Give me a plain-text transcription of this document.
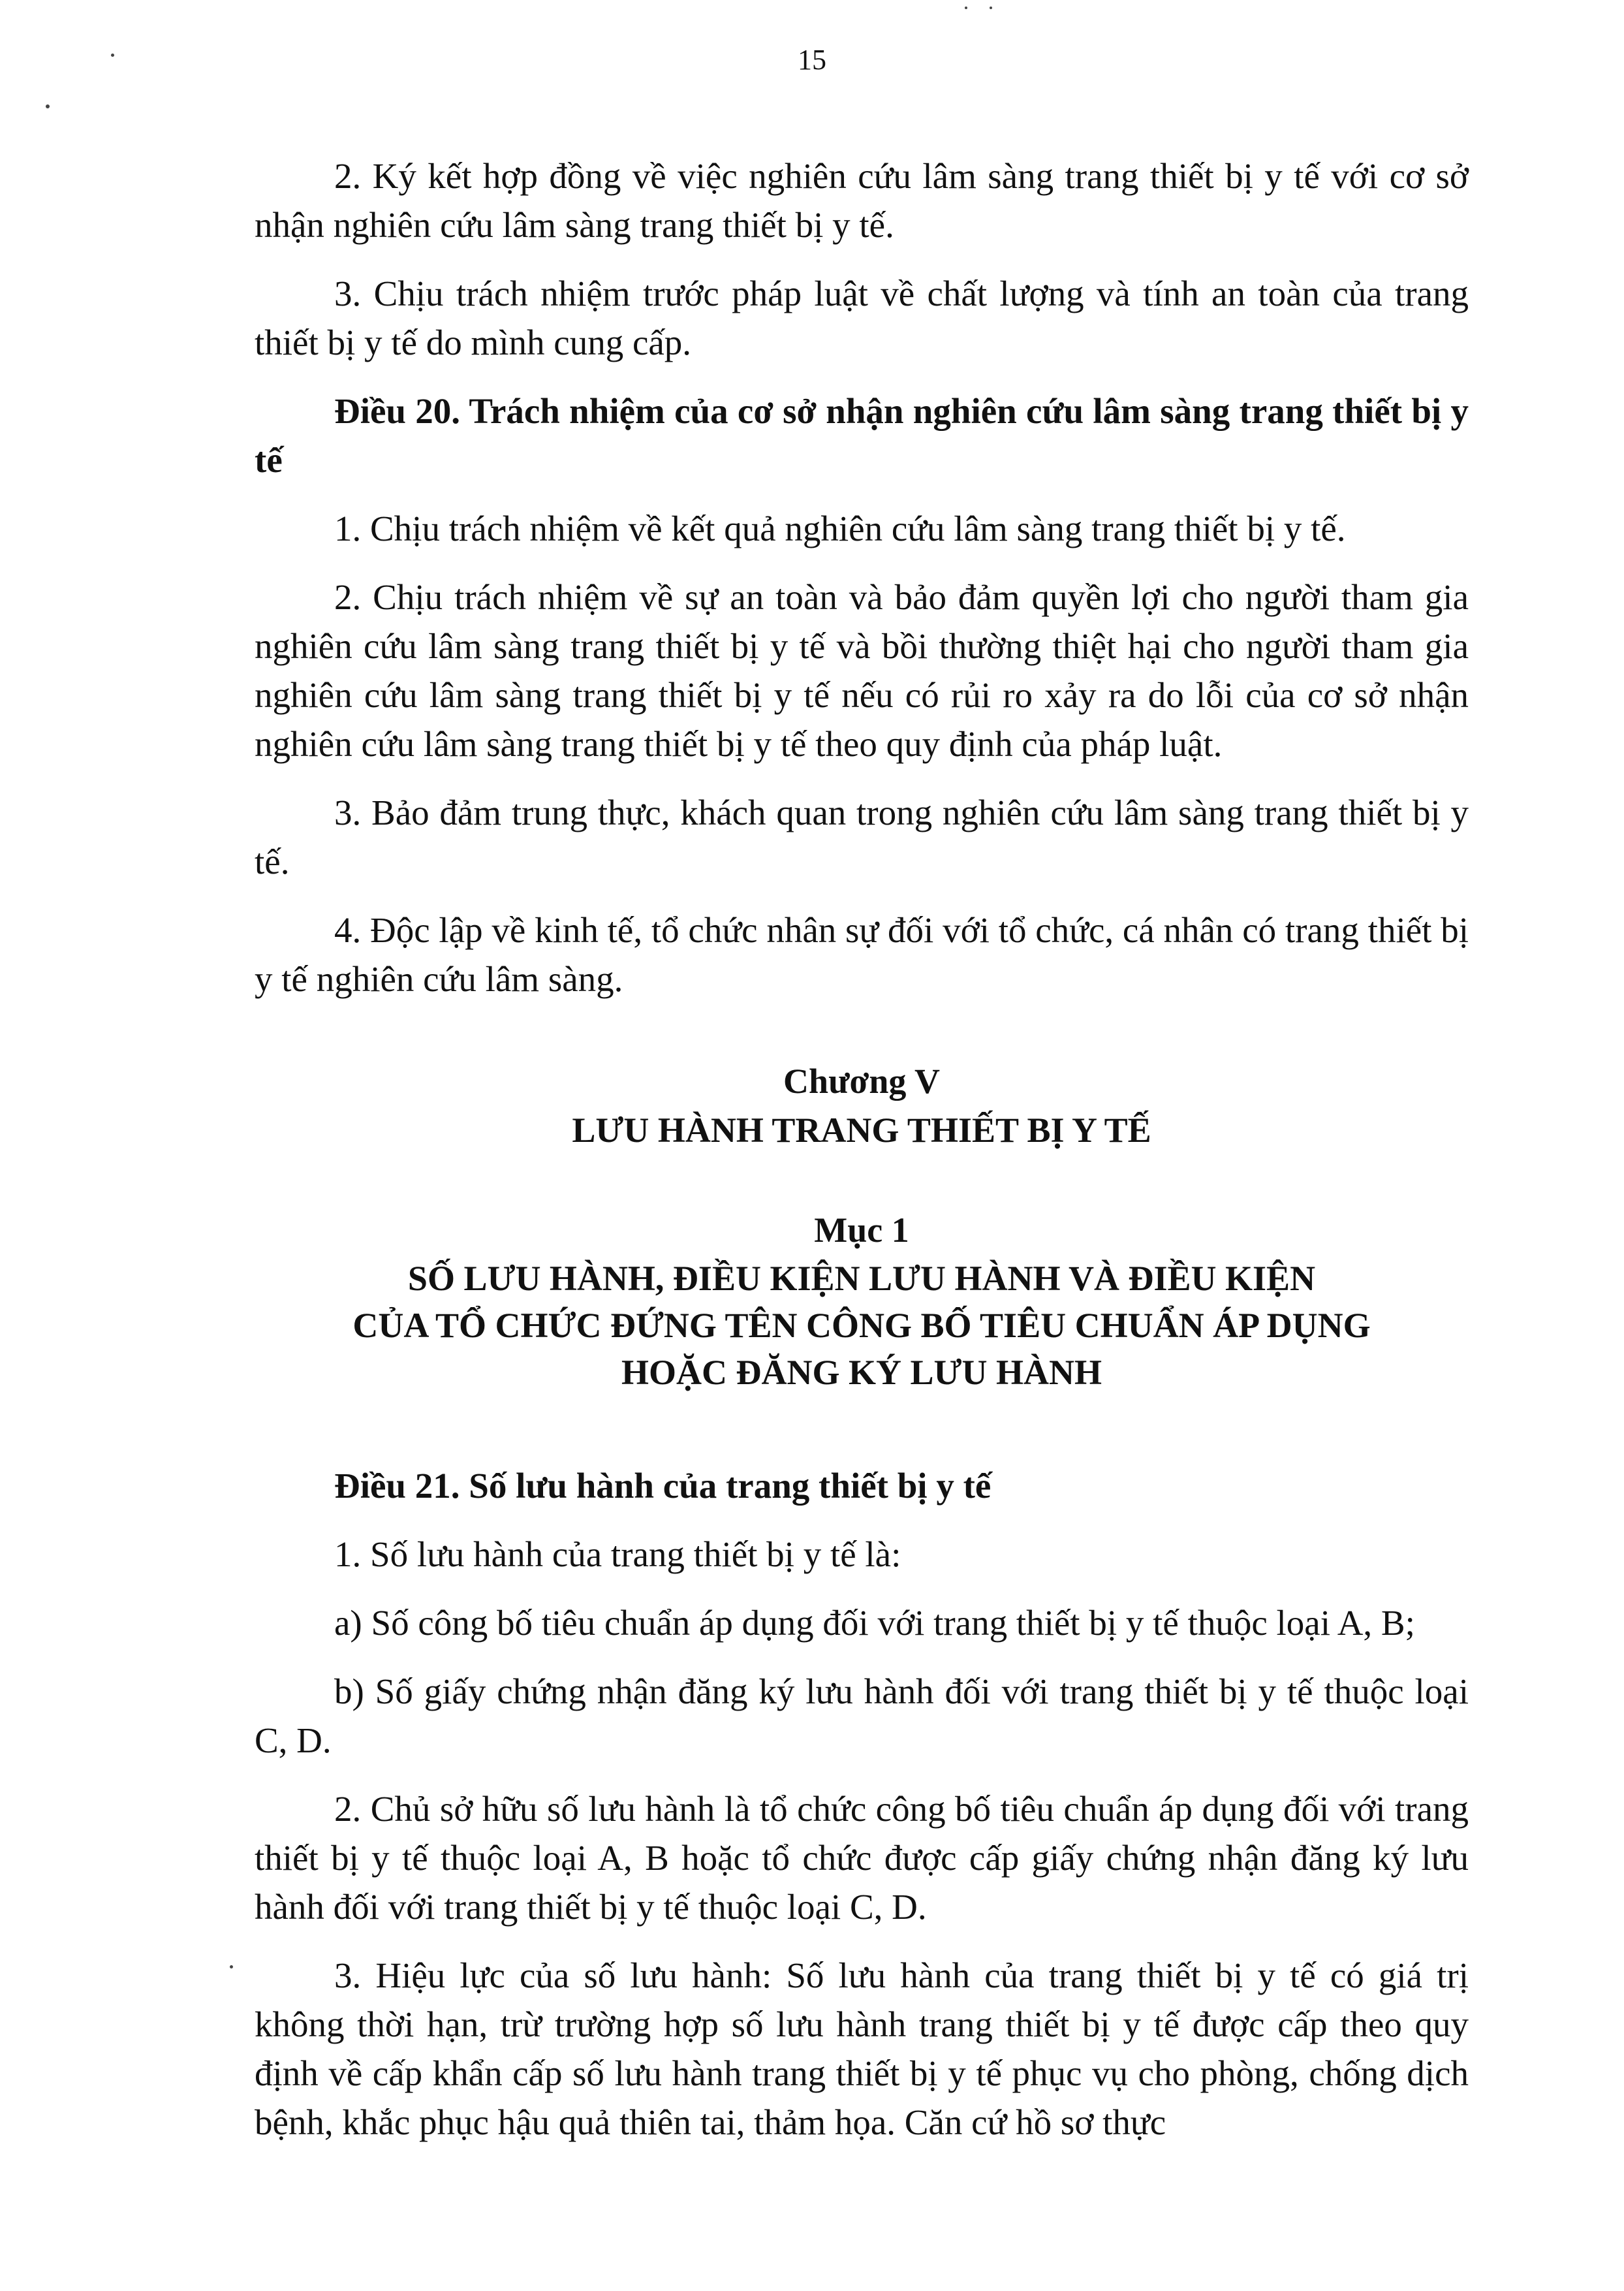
15

2. Ký kết hợp đồng về việc nghiên cứu lâm sàng trang thiết bị y tế với cơ sở nhận nghiên cứu lâm sàng trang thiết bị y tế.

3. Chịu trách nhiệm trước pháp luật về chất lượng và tính an toàn của trang thiết bị y tế do mình cung cấp.

Điều 20. Trách nhiệm của cơ sở nhận nghiên cứu lâm sàng trang thiết bị y tế

1. Chịu trách nhiệm về kết quả nghiên cứu lâm sàng trang thiết bị y tế.

2. Chịu trách nhiệm về sự an toàn và bảo đảm quyền lợi cho người tham gia nghiên cứu lâm sàng trang thiết bị y tế và bồi thường thiệt hại cho người tham gia nghiên cứu lâm sàng trang thiết bị y tế nếu có rủi ro xảy ra do lỗi của cơ sở nhận nghiên cứu lâm sàng trang thiết bị y tế theo quy định của pháp luật.

3. Bảo đảm trung thực, khách quan trong nghiên cứu lâm sàng trang thiết bị y tế.

4. Độc lập về kinh tế, tổ chức nhân sự đối với tổ chức, cá nhân có trang thiết bị y tế nghiên cứu lâm sàng.

Chương V
LƯU HÀNH TRANG THIẾT BỊ Y TẾ
Mục 1
SỐ LƯU HÀNH, ĐIỀU KIỆN LƯU HÀNH VÀ ĐIỀU KIỆN
CỦA TỔ CHỨC ĐỨNG TÊN CÔNG BỐ TIÊU CHUẨN ÁP DỤNG
HOẶC ĐĂNG KÝ LƯU HÀNH

Điều 21. Số lưu hành của trang thiết bị y tế

1. Số lưu hành của trang thiết bị y tế là:

a) Số công bố tiêu chuẩn áp dụng đối với trang thiết bị y tế thuộc loại A, B;

b) Số giấy chứng nhận đăng ký lưu hành đối với trang thiết bị y tế thuộc loại C, D.

2. Chủ sở hữu số lưu hành là tổ chức công bố tiêu chuẩn áp dụng đối với trang thiết bị y tế thuộc loại A, B hoặc tổ chức được cấp giấy chứng nhận đăng ký lưu hành đối với trang thiết bị y tế thuộc loại C, D.

3. Hiệu lực của số lưu hành: Số lưu hành của trang thiết bị y tế có giá trị không thời hạn, trừ trường hợp số lưu hành trang thiết bị y tế được cấp theo quy định về cấp khẩn cấp số lưu hành trang thiết bị y tế phục vụ cho phòng, chống dịch bệnh, khắc phục hậu quả thiên tai, thảm họa. Căn cứ hồ sơ thực
